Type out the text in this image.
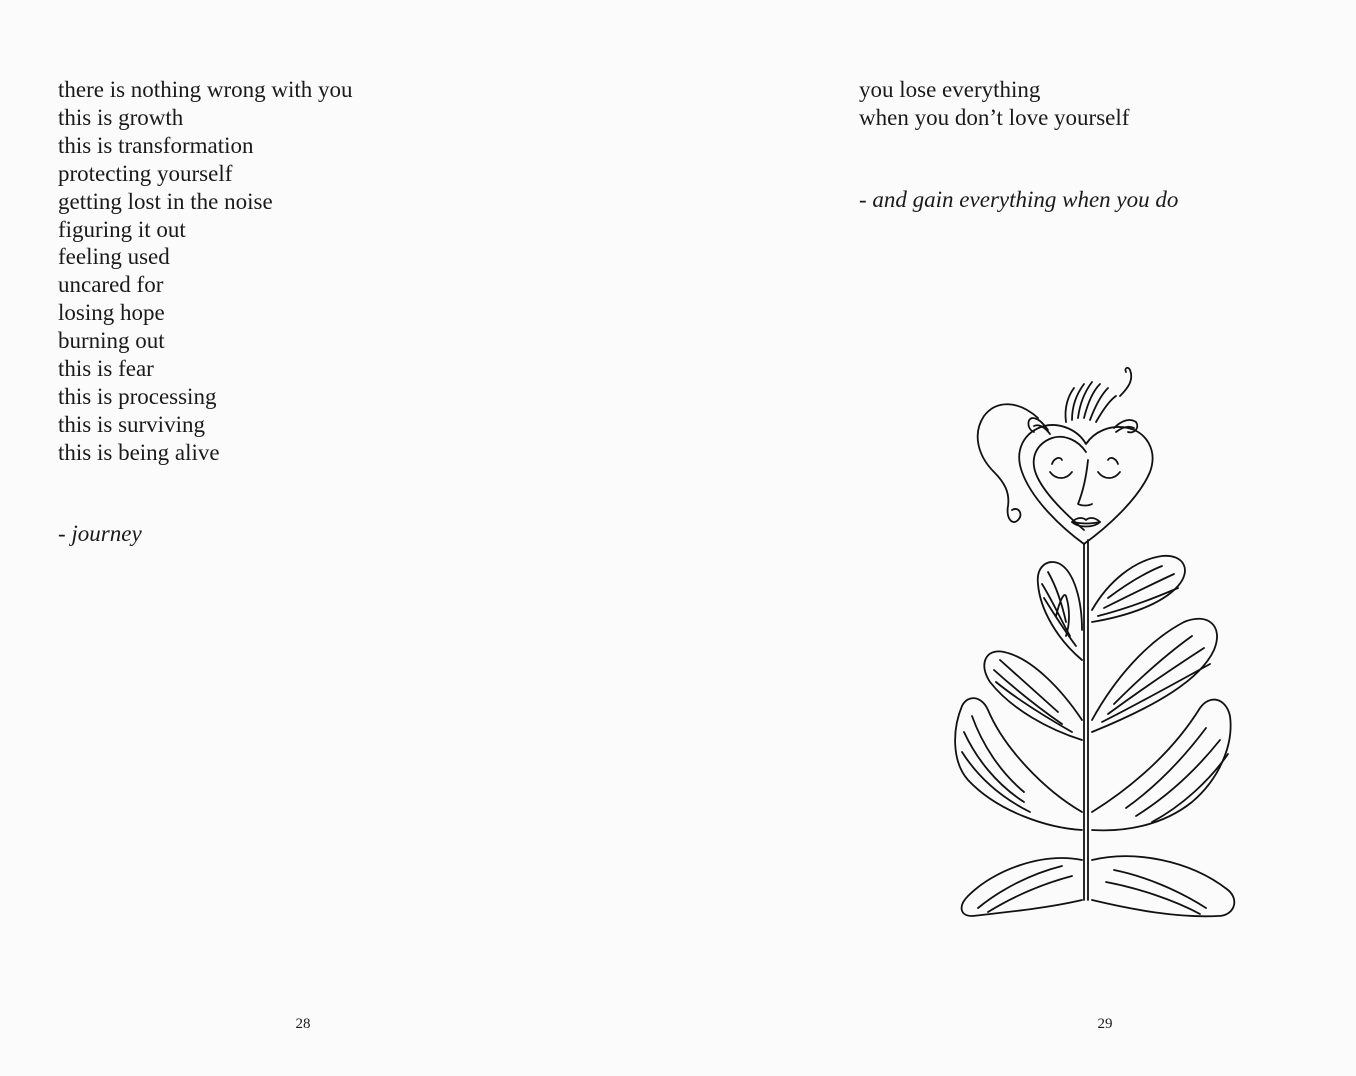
there is nothing wrong with you
this is growth
this is transformation
protecting yourself
getting lost in the noise
figuring it out
feeling used
uncared for
losing hope
burning out
this is fear
this is processing
this is surviving
this is being alive
- journey
28
you lose everything
when you don’t love yourself
- and gain everything when you do
29
